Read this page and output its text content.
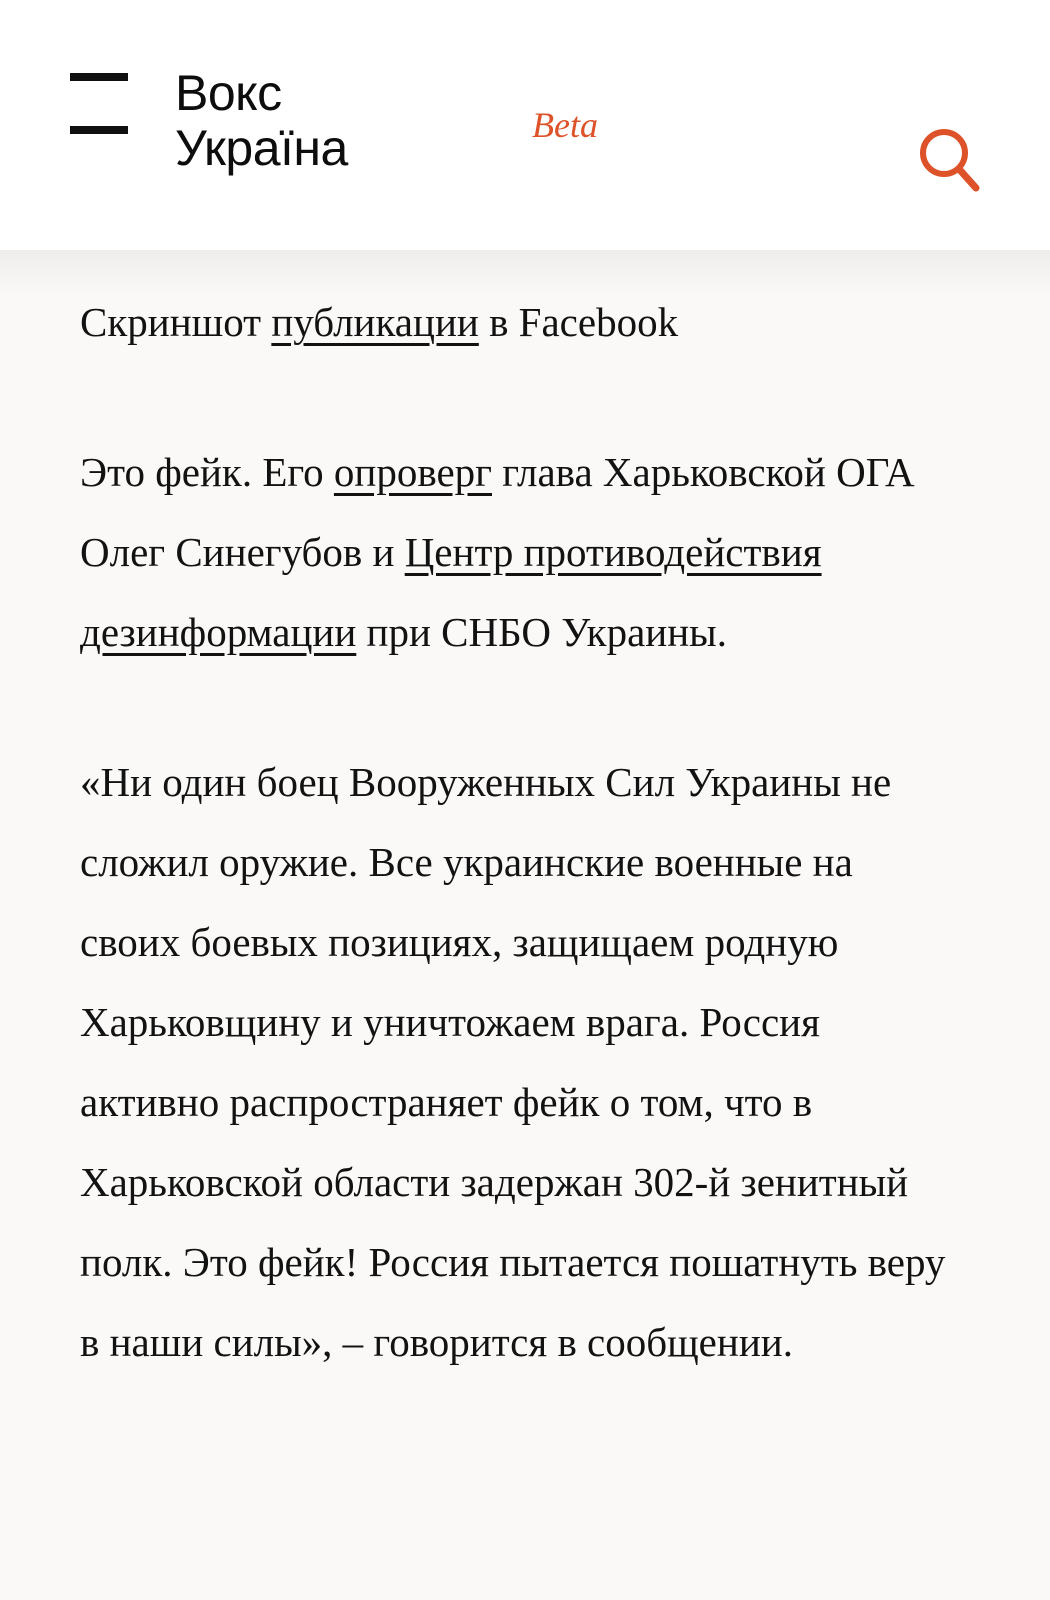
Вокс
Україна	Beta

Скриншот публикации в Facebook

Это фейк. Его опроверг глава Харьковской ОГА Олег Синегубов и Центр противодействия дезинформации при СНБО Украины.

«Ни один боец Вооруженных Сил Украины не сложил оружие. Все украинские военные на своих боевых позициях, защищаем родную Харьковщину и уничтожаем врага. Россия активно распространяет фейк о том, что в Харьковской области задержан 302-й зенитный полк. Это фейк! Россия пытается пошатнуть веру в наши силы», – говорится в сообщении.
